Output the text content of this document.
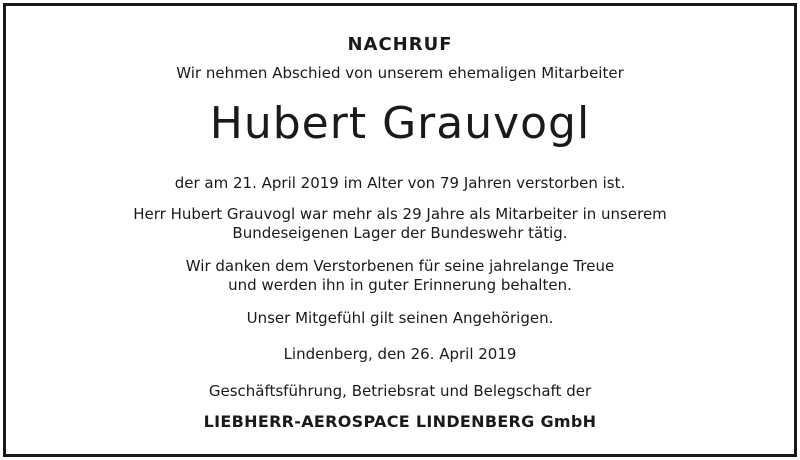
NACHRUF
Wir nehmen Abschied von unserem ehemaligen Mitarbeiter
Hubert Grauvogl
der am 21. April 2019 im Alter von 79 Jahren verstorben ist.
Herr Hubert Grauvogl war mehr als 29 Jahre als Mitarbeiter in unserem
Bundeseigenen Lager der Bundeswehr tätig.
Wir danken dem Verstorbenen für seine jahrelange Treue
und werden ihn in guter Erinnerung behalten.
Unser Mitgefühl gilt seinen Angehörigen.
Lindenberg, den 26. April 2019
Geschäftsführung, Betriebsrat und Belegschaft der
LIEBHERR-AEROSPACE LINDENBERG GmbH
